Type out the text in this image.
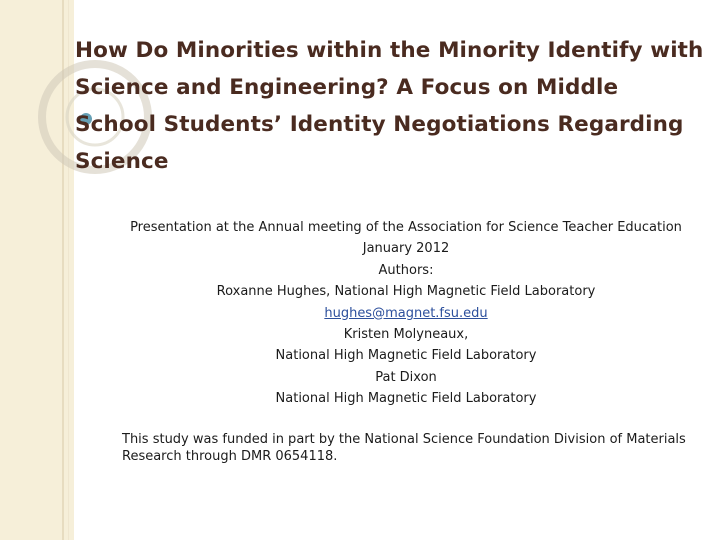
How Do Minorities within the Minority Identify with Science and Engineering? A Focus on Middle School Students’ Identity Negotiations Regarding Science
Presentation at the Annual meeting of the Association for Science Teacher Education
January 2012
Authors:
Roxanne Hughes, National High Magnetic Field Laboratory
hughes@magnet.fsu.edu
Kristen Molyneaux,
National High Magnetic Field Laboratory
Pat Dixon
National High Magnetic Field Laboratory

This study was funded in part by the National Science Foundation Division of Materials Research through DMR 0654118.
